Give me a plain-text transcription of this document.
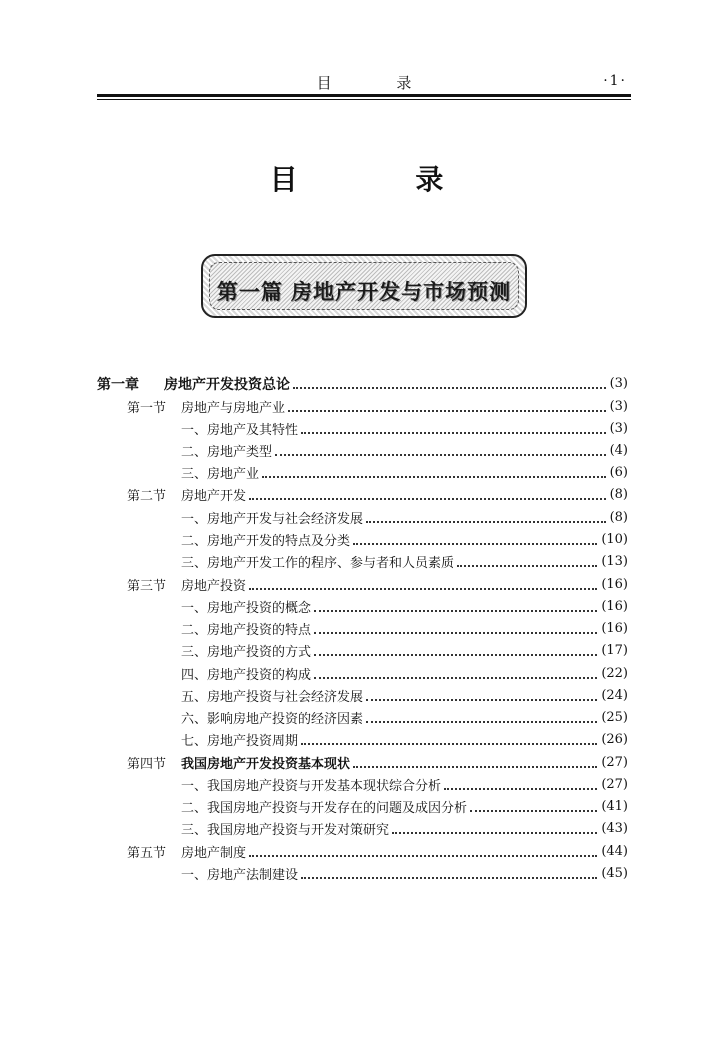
目 录	·1·
目 录
第一篇 房地产开发与市场预测
第一章 房地产开发投资总论	(3)
第一节 房地产与房地产业	(3)
一、房地产及其特性	(3)
二、房地产类型	(4)
三、房地产业	(6)
第二节 房地产开发	(8)
一、房地产开发与社会经济发展	(8)
二、房地产开发的特点及分类	(10)
三、房地产开发工作的程序、参与者和人员素质	(13)
第三节 房地产投资	(16)
一、房地产投资的概念	(16)
二、房地产投资的特点	(16)
三、房地产投资的方式	(17)
四、房地产投资的构成	(22)
五、房地产投资与社会经济发展	(24)
六、影响房地产投资的经济因素	(25)
七、房地产投资周期	(26)
第四节 我国房地产开发投资基本现状	(27)
一、我国房地产投资与开发基本现状综合分析	(27)
二、我国房地产投资与开发存在的问题及成因分析	(41)
三、我国房地产投资与开发对策研究	(43)
第五节 房地产制度	(44)
一、房地产法制建设	(45)
